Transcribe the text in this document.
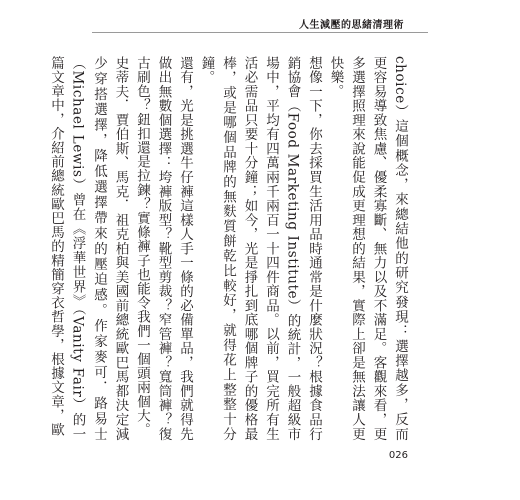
人生減壓的思緒清理術

choice）這個概念，來總結他的研究發現：選擇越多，反而更容易導致焦慮、優柔寡斷、無力以及不滿足。客觀來看，更多選擇照理來說能促成更理想的結果，實際上卻是無法讓人更快樂。

想像一下，你去採買生活用品時通常是什麼狀況？根據食品行銷協會（Food Marketing Institute）的統計，一般超級市場中，平均有四萬兩千兩百一十四件商品。以前，買完所有生活必需品只要十分鐘；如今，光是掙扎到底哪個牌子的優格最棒，或是哪個品牌的無麩質餅乾比較好，就得花上整整十分鐘。

還有，光是挑選牛仔褲這樣人手一條的必備單品，我們就得先做出無數個選擇：垮褲版型？靴型剪裁？窄管褲？寬筒褲？復古刷色？鈕扣還是拉鍊？實條褲子也能令我們一個頭兩個大。

史蒂夫．賈伯斯、馬克．祖克柏與美國前總統歐巴馬都決定減少穿搭選擇，降低選擇帶來的壓迫感。作家麥可．路易士（Michael Lewis）曾在《浮華世界》（Vanity Fair）的一篇文章中，介紹前總統歐巴馬的精簡穿衣哲學，根據文章，歐

026
